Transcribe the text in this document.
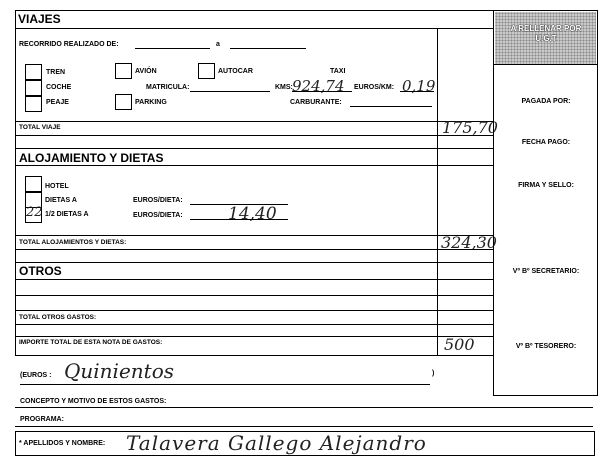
VIAJES
RECORRIDO REALIZADO DE:	a
TREN	AVIÓN	AUTOCAR	TAXI
COCHE	MATRICULA:	KMS: 924,74 EUROS/KM: 0,19
PEAJE	PARKING	CARBURANTE:
TOTAL VIAJE	175,70
ALOJAMIENTO Y DIETAS
HOTEL
DIETAS A	EUROS/DIETA:
22 1/2 DIETAS A	EUROS/DIETA:	14,40
TOTAL ALOJAMIENTOS Y DIETAS:	324,30
OTROS
TOTAL OTROS GASTOS:
IMPORTE TOTAL DE ESTA NOTA DE GASTOS:	500
(EUROS : Quinientos	)
CONCEPTO Y MOTIVO DE ESTOS GASTOS:
PROGRAMA:
* APELLIDOS Y NOMBRE: Talavera Gallego Alejandro
A RELLENAR POR U.G.T
PAGADA POR:
FECHA PAGO:
FIRMA Y SELLO:
Vº Bº SECRETARIO:
Vº Bº TESORERO:
